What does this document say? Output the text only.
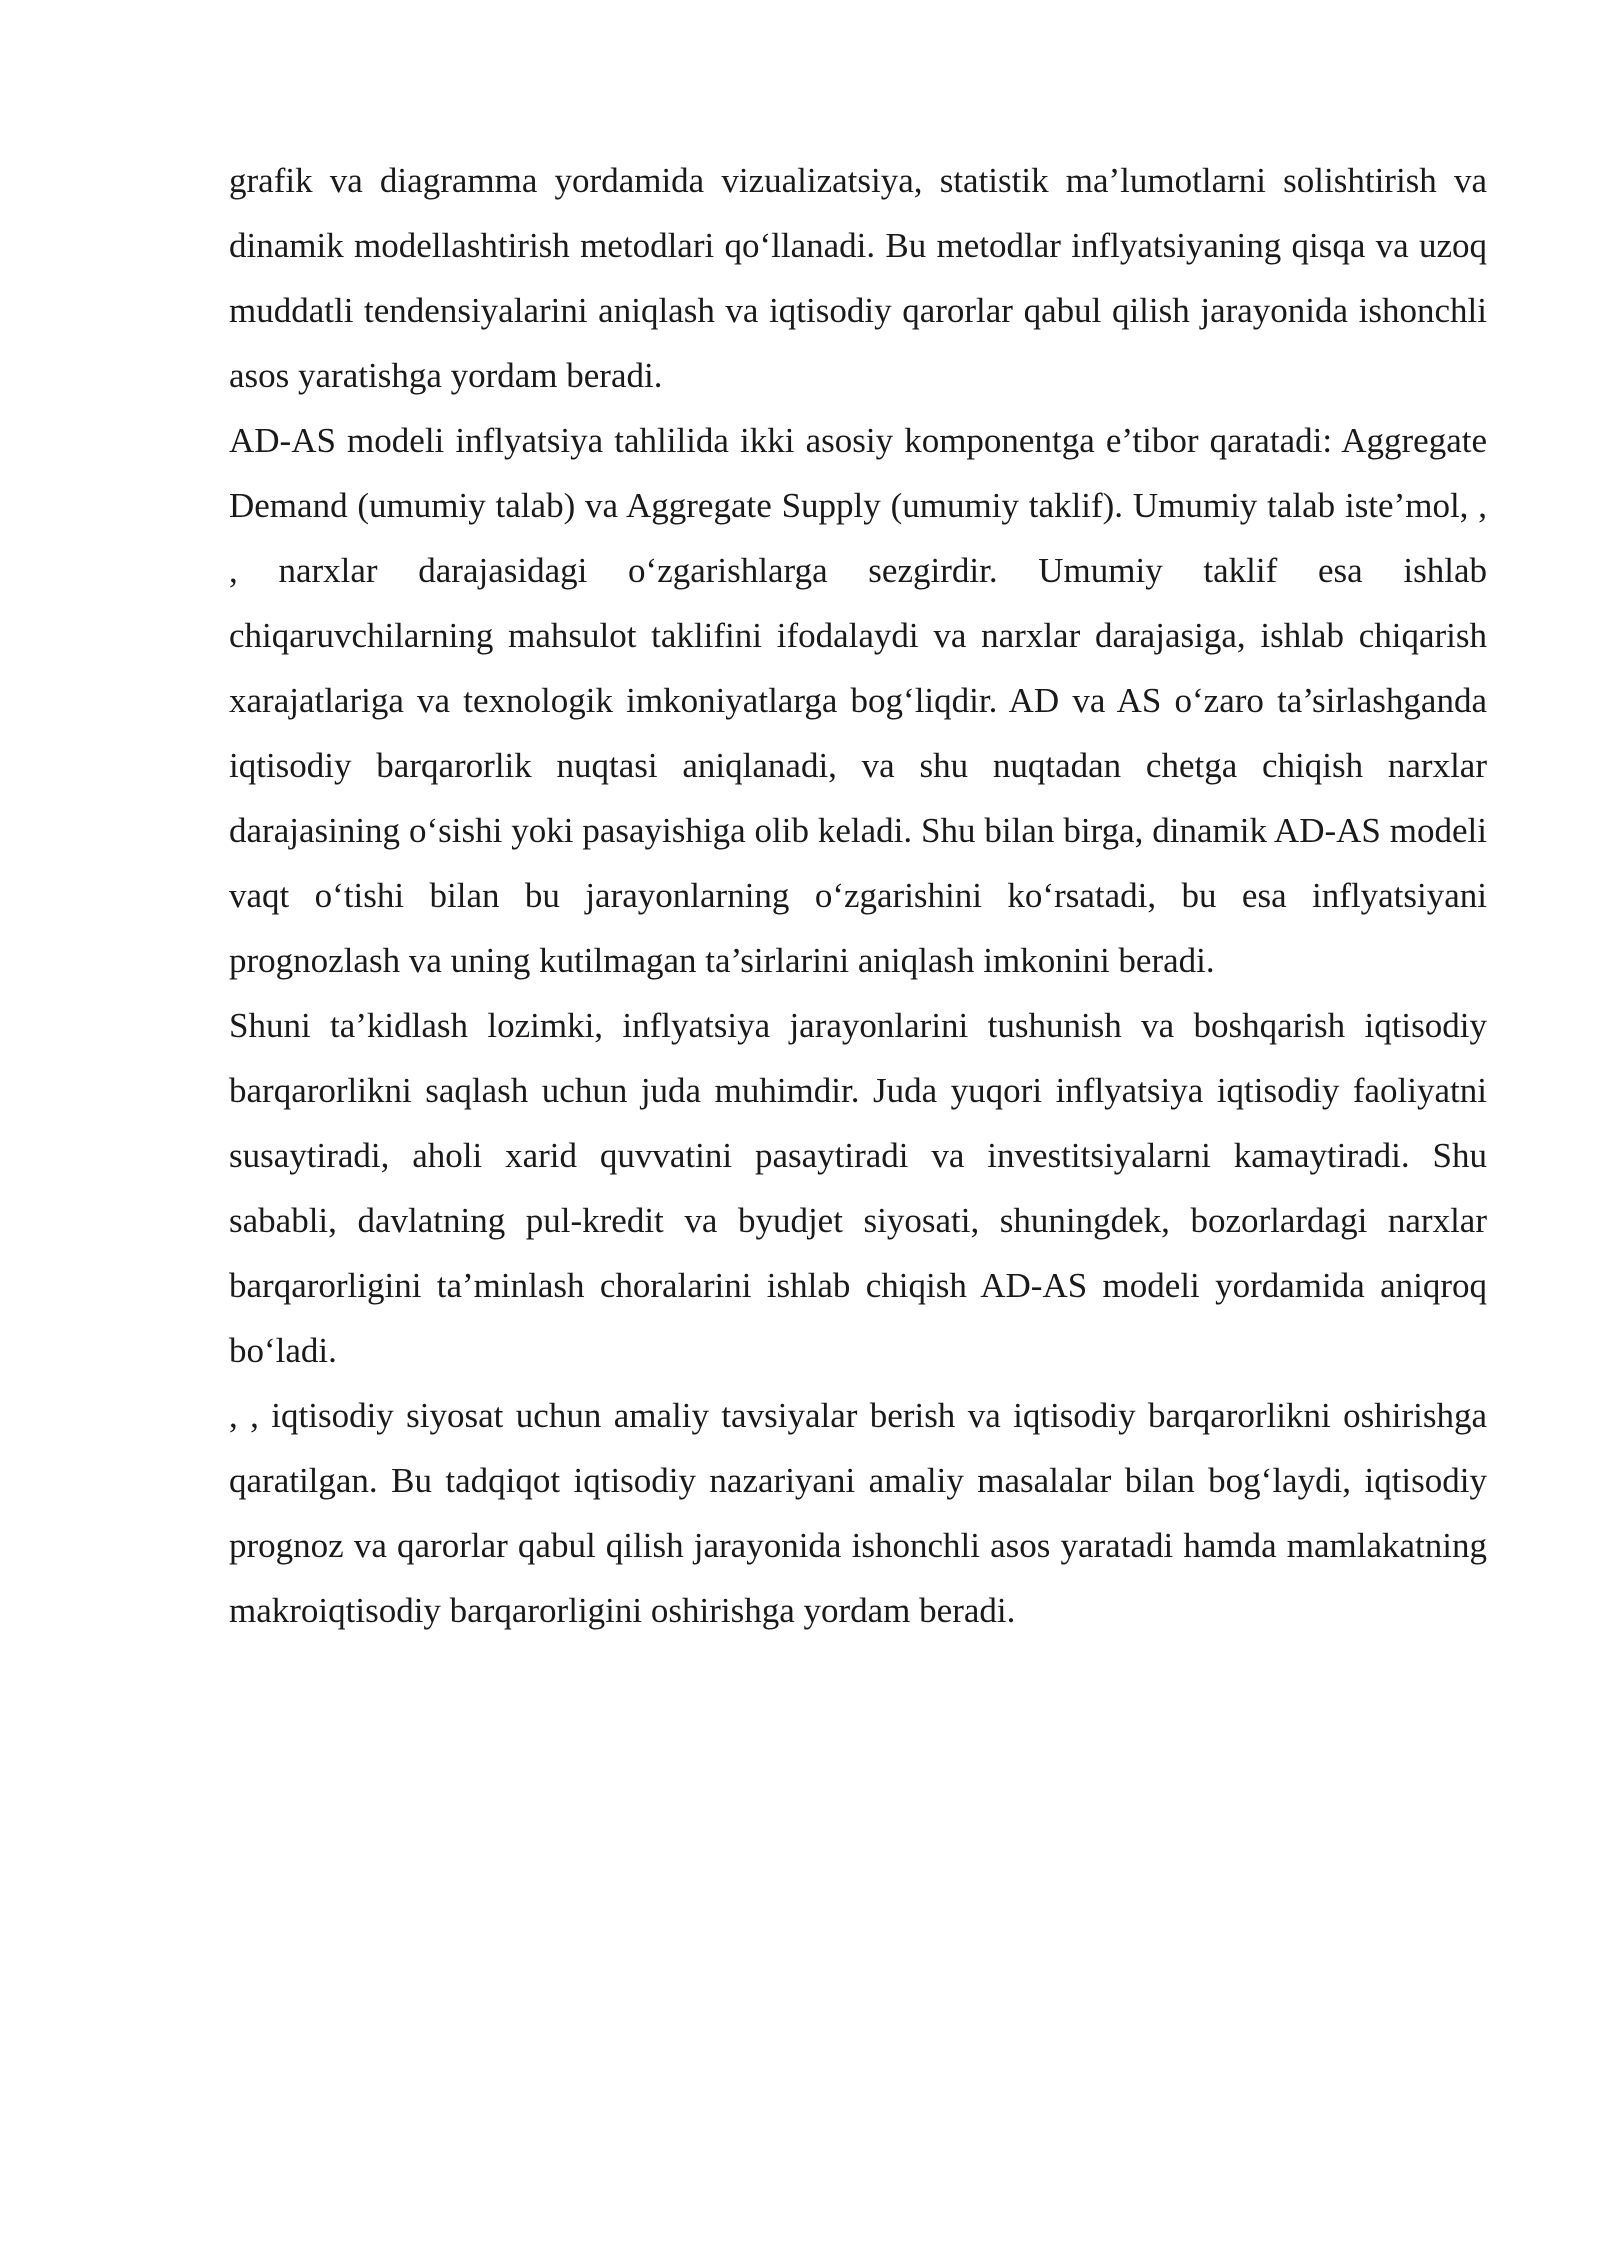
grafik va diagramma yordamida vizualizatsiya, statistik ma’lumotlarni solishtirish va dinamik modellashtirish metodlari qo‘llanadi. Bu metodlar inflyatsiyaning qisqa va uzoq muddatli tendensiyalarini aniqlash va iqtisodiy qarorlar qabul qilish jarayonida ishonchli asos yaratishga yordam beradi.

AD-AS modeli inflyatsiya tahlilida ikki asosiy komponentga e’tibor qaratadi: Aggregate Demand (umumiy talab) va Aggregate Supply (umumiy taklif). Umumiy talab iste’mol, , , narxlar darajasidagi o‘zgarishlarga sezgirdir. Umumiy taklif esa ishlab chiqaruvchilarning mahsulot taklifini ifodalaydi va narxlar darajasiga, ishlab chiqarish xarajatlariga va texnologik imkoniyatlarga bog‘liqdir. AD va AS o‘zaro ta’sirlashganda iqtisodiy barqarorlik nuqtasi aniqlanadi, va shu nuqtadan chetga chiqish narxlar darajasining o‘sishi yoki pasayishiga olib keladi. Shu bilan birga, dinamik AD-AS modeli vaqt o‘tishi bilan bu jarayonlarning o‘zgarishini ko‘rsatadi, bu esa inflyatsiyani prognozlash va uning kutilmagan ta’sirlarini aniqlash imkonini beradi.

Shuni ta’kidlash lozimki, inflyatsiya jarayonlarini tushunish va boshqarish iqtisodiy barqarorlikni saqlash uchun juda muhimdir. Juda yuqori inflyatsiya iqtisodiy faoliyatni susaytiradi, aholi xarid quvvatini pasaytiradi va investitsiyalarni kamaytiradi. Shu sababli, davlatning pul-kredit va byudjet siyosati, shuningdek, bozorlardagi narxlar barqarorligini ta’minlash choralarini ishlab chiqish AD-AS modeli yordamida aniqroq bo‘ladi.

, , iqtisodiy siyosat uchun amaliy tavsiyalar berish va iqtisodiy barqarorlikni oshirishga qaratilgan. Bu tadqiqot iqtisodiy nazariyani amaliy masalalar bilan bog‘laydi, iqtisodiy prognoz va qarorlar qabul qilish jarayonida ishonchli asos yaratadi hamda mamlakatning makroiqtisodiy barqarorligini oshirishga yordam beradi.
